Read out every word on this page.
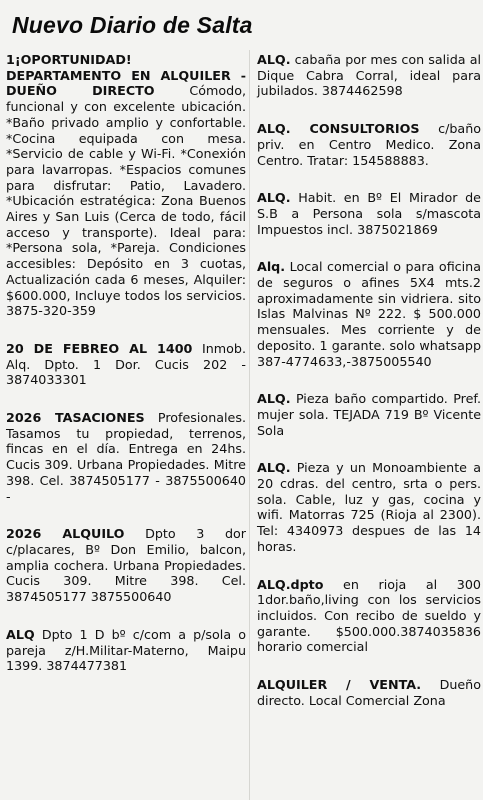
Nuevo Diario de Salta
1¡OPORTUNIDAD! DEPARTAMENTO EN ALQUILER - DUEÑO DIRECTO Cómodo, funcional y con excelente ubicación. *Baño privado amplio y confortable. *Cocina equipada con mesa. *Servicio de cable y Wi-Fi. *Conexión para lavarropas. *Espacios comunes para disfrutar: Patio, Lavadero. *Ubicación estratégica: Zona Buenos Aires y San Luis (Cerca de todo, fácil acceso y transporte). Ideal para: *Persona sola, *Pareja. Condiciones accesibles: Depósito en 3 cuotas, Actualización cada 6 meses, Alquiler: $600.000, Incluye todos los servicios. 3875-320-359
20 DE FEBREO AL 1400 Inmob. Alq. Dpto. 1 Dor. Cucis 202 - 3874033301
2026 TASACIONES Profesionales. Tasamos tu propiedad, terrenos, fincas en el día. Entrega en 24hs. Cucis 309. Urbana Propiedades. Mitre 398. Cel. 3874505177 - 3875500640 -
2026 ALQUILO Dpto 3 dor c/placares, Bº Don Emilio, balcon, amplia cochera. Urbana Propiedades. Cucis 309. Mitre 398. Cel. 3874505177 3875500640
ALQ Dpto 1 D bº c/com a p/sola o pareja z/H.Militar-Materno, Maipu 1399. 3874477381
ALQ. cabaña por mes con salida al Dique Cabra Corral, ideal para jubilados. 3874462598
ALQ. CONSULTORIOS c/baño priv. en Centro Medico. Zona Centro. Tratar: 154588883.
ALQ. Habit. en Bº El Mirador de S.B a Persona sola s/mascota Impuestos incl. 3875021869
Alq. Local comercial o para oficina de seguros o afines 5X4 mts.2 aproximadamente sin vidriera. sito Islas Malvinas Nº 222. $ 500.000 mensuales. Mes corriente y de deposito. 1 garante. solo whatsapp 387-4774633,-3875005540
ALQ. Pieza baño compartido. Pref. mujer sola. TEJADA 719 Bº Vicente Sola
ALQ. Pieza y un Monoambiente a 20 cdras. del centro, srta o pers. sola. Cable, luz y gas, cocina y wifi. Matorras 725 (Rioja al 2300). Tel: 4340973 despues de las 14 horas.
ALQ.dpto en rioja al 300 1dor.baño,living con los servicios incluidos. Con recibo de sueldo y garante. $500.000.3874035836 horario comercial
ALQUILER / VENTA. Dueño directo. Local Comercial Zona
